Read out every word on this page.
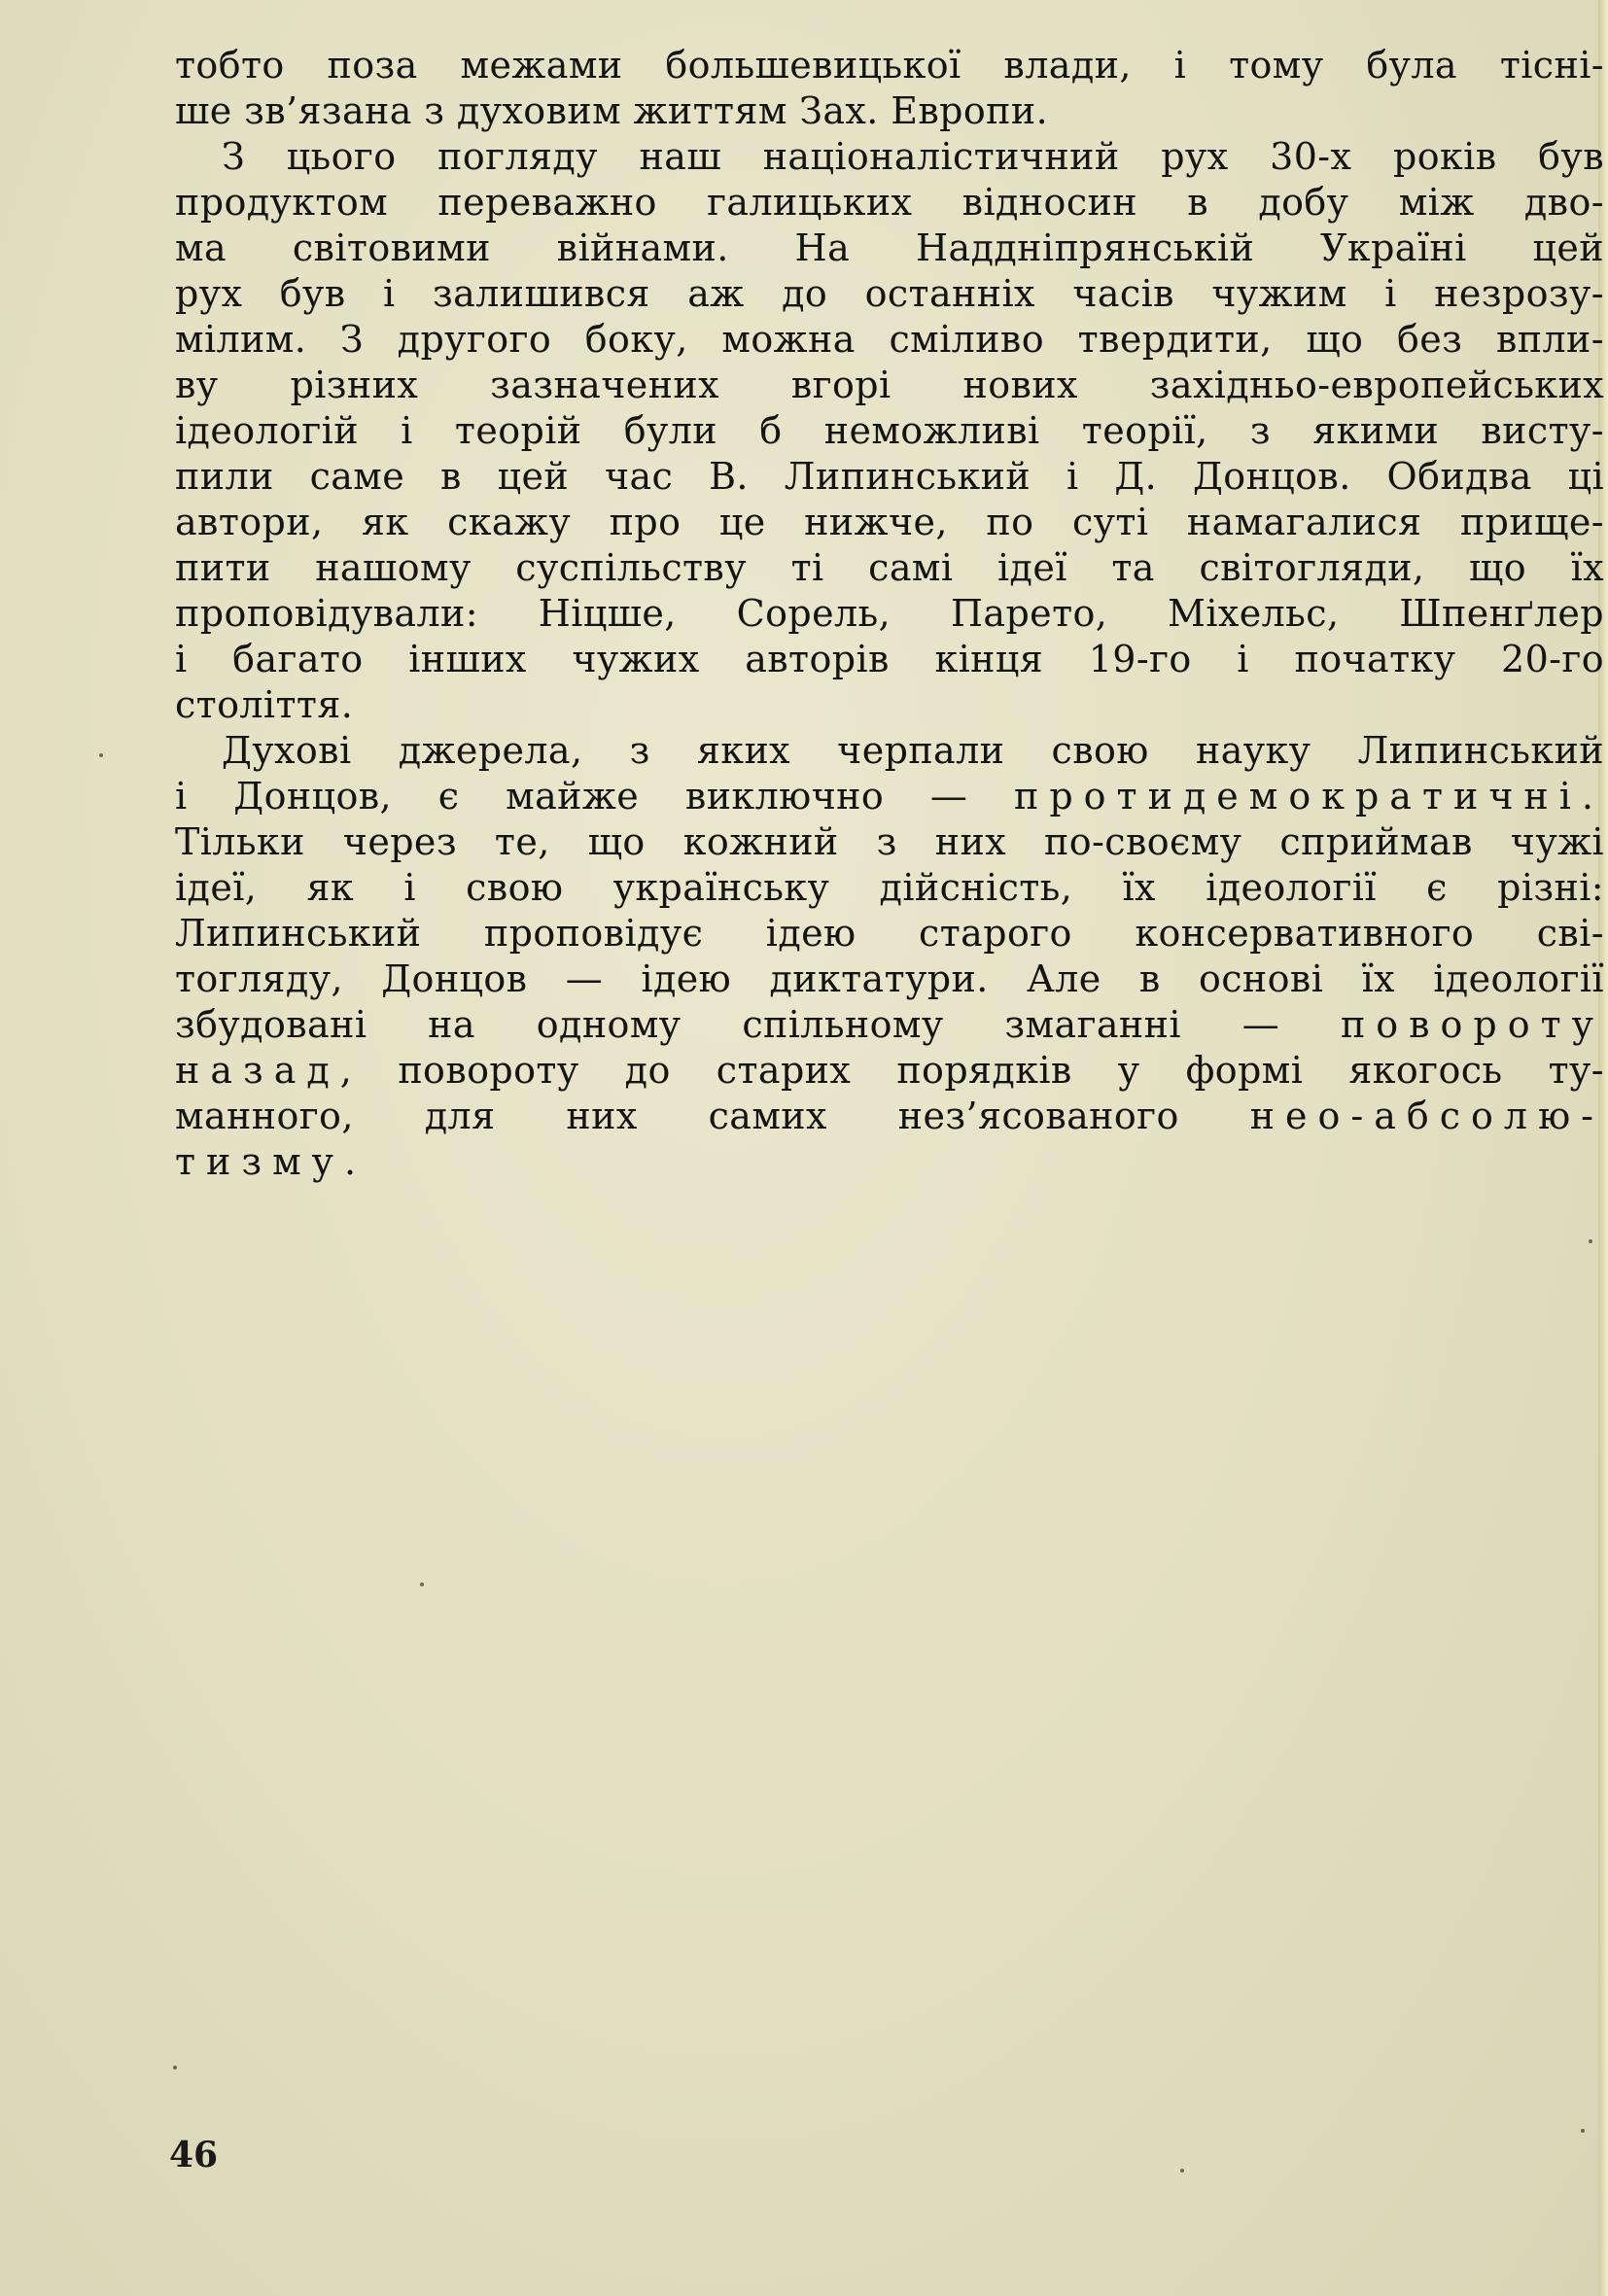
тобто поза межами большевицької влади, і тому була тісні-
ше зв’язана з духовим життям Зах. Европи.
З цього погляду наш націоналістичний рух 30-х років був
продуктом переважно галицьких відносин в добу між дво-
ма світовими війнами. На Наддніпрянській Україні цей
рух був і залишився аж до останніх часів чужим і незрозу-
мілим. З другого боку, можна сміливо твердити, що без впли-
ву різних зазначених вгорі нових західньо-европейських
ідеологій і теорій були б неможливі теорії, з якими висту-
пили саме в цей час В. Липинський і Д. Донцов. Обидва ці
автори, як скажу про це нижче, по суті намагалися прище-
пити нашому суспільству ті самі ідеї та світогляди, що їх
проповідували: Ніцше, Сорель, Парето, Міхельс, Шпенґлер
і багато інших чужих авторів кінця 19-го і початку 20-го
століття.
Духові джерела, з яких черпали свою науку Липинський
і Донцов, є майже виключно — протидемократичні.
Тільки через те, що кожний з них по-своєму сприймав чужі
ідеї, як і свою українську дійсність, їх ідеології є різні:
Липинський проповідує ідею старого консервативного сві-
тогляду, Донцов — ідею диктатури. Але в основі їх ідеології
збудовані на одному спільному змаганні — повороту
назад, повороту до старих порядків у формі якогось ту-
манного, для них самих нез’ясованого нео-абсолю-
тизму.
46
